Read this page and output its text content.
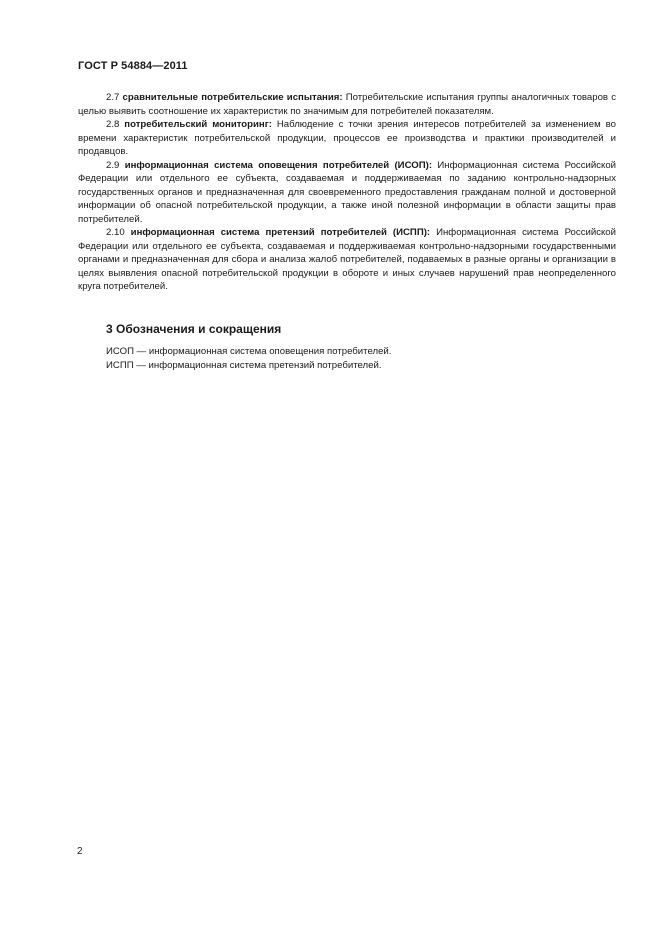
ГОСТ Р 54884—2011

2.7 сравнительные потребительские испытания: Потребительские испытания группы аналогичных товаров с целью выявить соотношение их характеристик по значимым для потребителей показателям.

2.8 потребительский мониторинг: Наблюдение с точки зрения интересов потребителей за изменением во времени характеристик потребительской продукции, процессов ее производства и практики производителей и продавцов.

2.9 информационная система оповещения потребителей (ИСОП): Информационная система Российской Федерации или отдельного ее субъекта, создаваемая и поддерживаемая по заданию контрольно-надзорных государственных органов и предназначенная для своевременного предоставления гражданам полной и достоверной информации об опасной потребительской продукции, а также иной полезной информации в области защиты прав потребителей.

2.10 информационная система претензий потребителей (ИСПП): Информационная система Российской Федерации или отдельного ее субъекта, создаваемая и поддерживаемая контрольно-надзорными государственными органами и предназначенная для сбора и анализа жалоб потребителей, подаваемых в разные органы и организации в целях выявления опасной потребительской продукции в обороте и иных случаев нарушений прав неопределенного круга потребителей.

3 Обозначения и сокращения

ИСОП — информационная система оповещения потребителей.

ИСПП — информационная система претензий потребителей.

2
